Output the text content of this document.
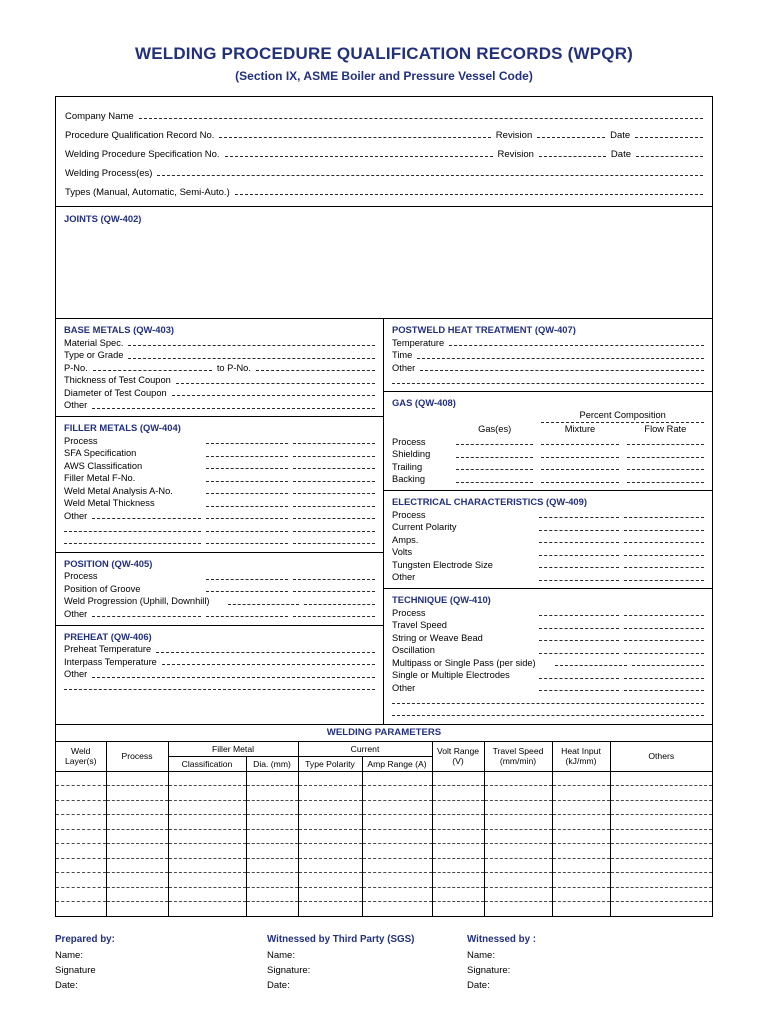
WELDING PROCEDURE QUALIFICATION RECORDS (WPQR)
(Section IX, ASME Boiler and Pressure Vessel Code)
Company Name
Procedure Qualification Record No.	Revision	Date
Welding Procedure Specification No.	Revision	Date
Welding Process(es)
Types (Manual, Automatic, Semi-Auto.)
JOINTS (QW-402)
BASE METALS (QW-403)
Material Spec.
Type or Grade
P-No.	to P-No.
Thickness of Test Coupon
Diameter of Test Coupon
Other
FILLER METALS (QW-404)
Process
SFA Specification
AWS Classification
Filler Metal F-No.
Weld Metal Analysis A-No.
Weld Metal Thickness
Other
POSITION (QW-405)
Process
Position of Groove
Weld Progression (Uphill, Downhill)
Other
PREHEAT (QW-406)
Preheat Temperature
Interpass Temperature
Other
POSTWELD HEAT TREATMENT (QW-407)
Temperature
Time
Other
GAS (QW-408)
Percent Composition
Gas(es)	Mixture	Flow Rate
Process
Shielding
Trailing
Backing
ELECTRICAL CHARACTERISTICS (QW-409)
Process
Current Polarity
Amps.
Volts
Tungsten Electrode Size
Other
TECHNIQUE (QW-410)
Process
Travel Speed
String or Weave Bead
Oscillation
Multipass or Single Pass (per side)
Single or Multiple Electrodes
Other
WELDING PARAMETERS
Weld Layer(s)	Process	Filler Metal		Current		Volt Range (V)	Travel Speed (mm/min)	Heat Input (kJ/mm)	Others
		Classification	Dia. (mm)	Type Polarity	Amp Range (A)				

Prepared by:
Name:
Signature
Date:
Witnessed by Third Party (SGS)
Name:
Signature:
Date:
Witnessed by :
Name:
Signature:
Date:
